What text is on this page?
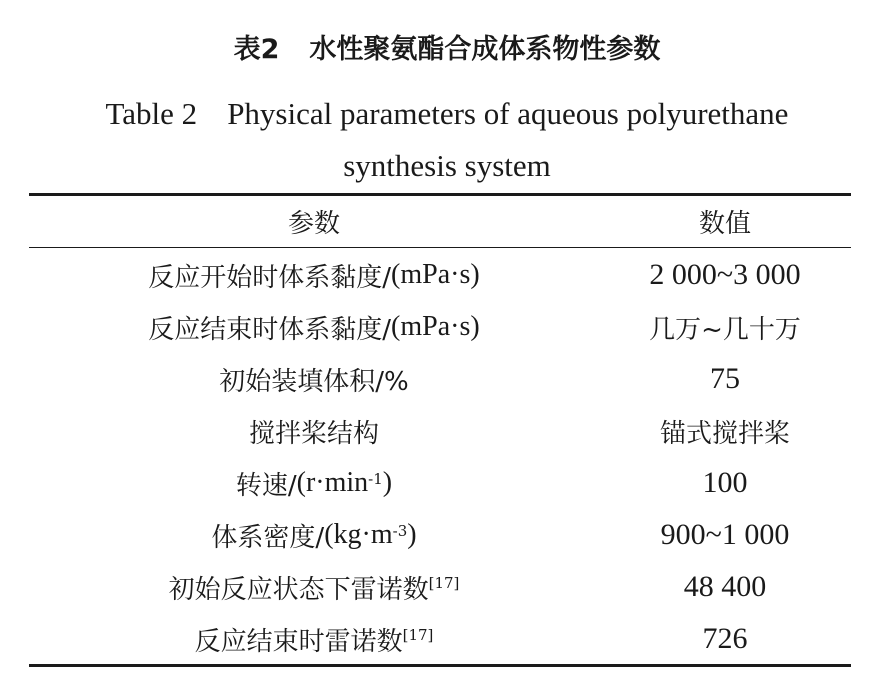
表2 水性聚氨酯合成体系物性参数
Table 2 Physical parameters of aqueous polyurethane
synthesis system
参数	数值
反应开始时体系黏度/ (mPa·s)	2 000~3 000
反应结束时体系黏度/ (mPa·s)	几万~几十万
初始装填体积/%	75
搅拌桨结构	锚式搅拌桨
转速/ ($r\cdot\min^{-1}$ )	100
体系密度/ ($kg\cdot m^{-3}$ )	900~1 000
初始反应状态下雷诺数[17]	48 400
反应结束时雷诺数[17]	726
